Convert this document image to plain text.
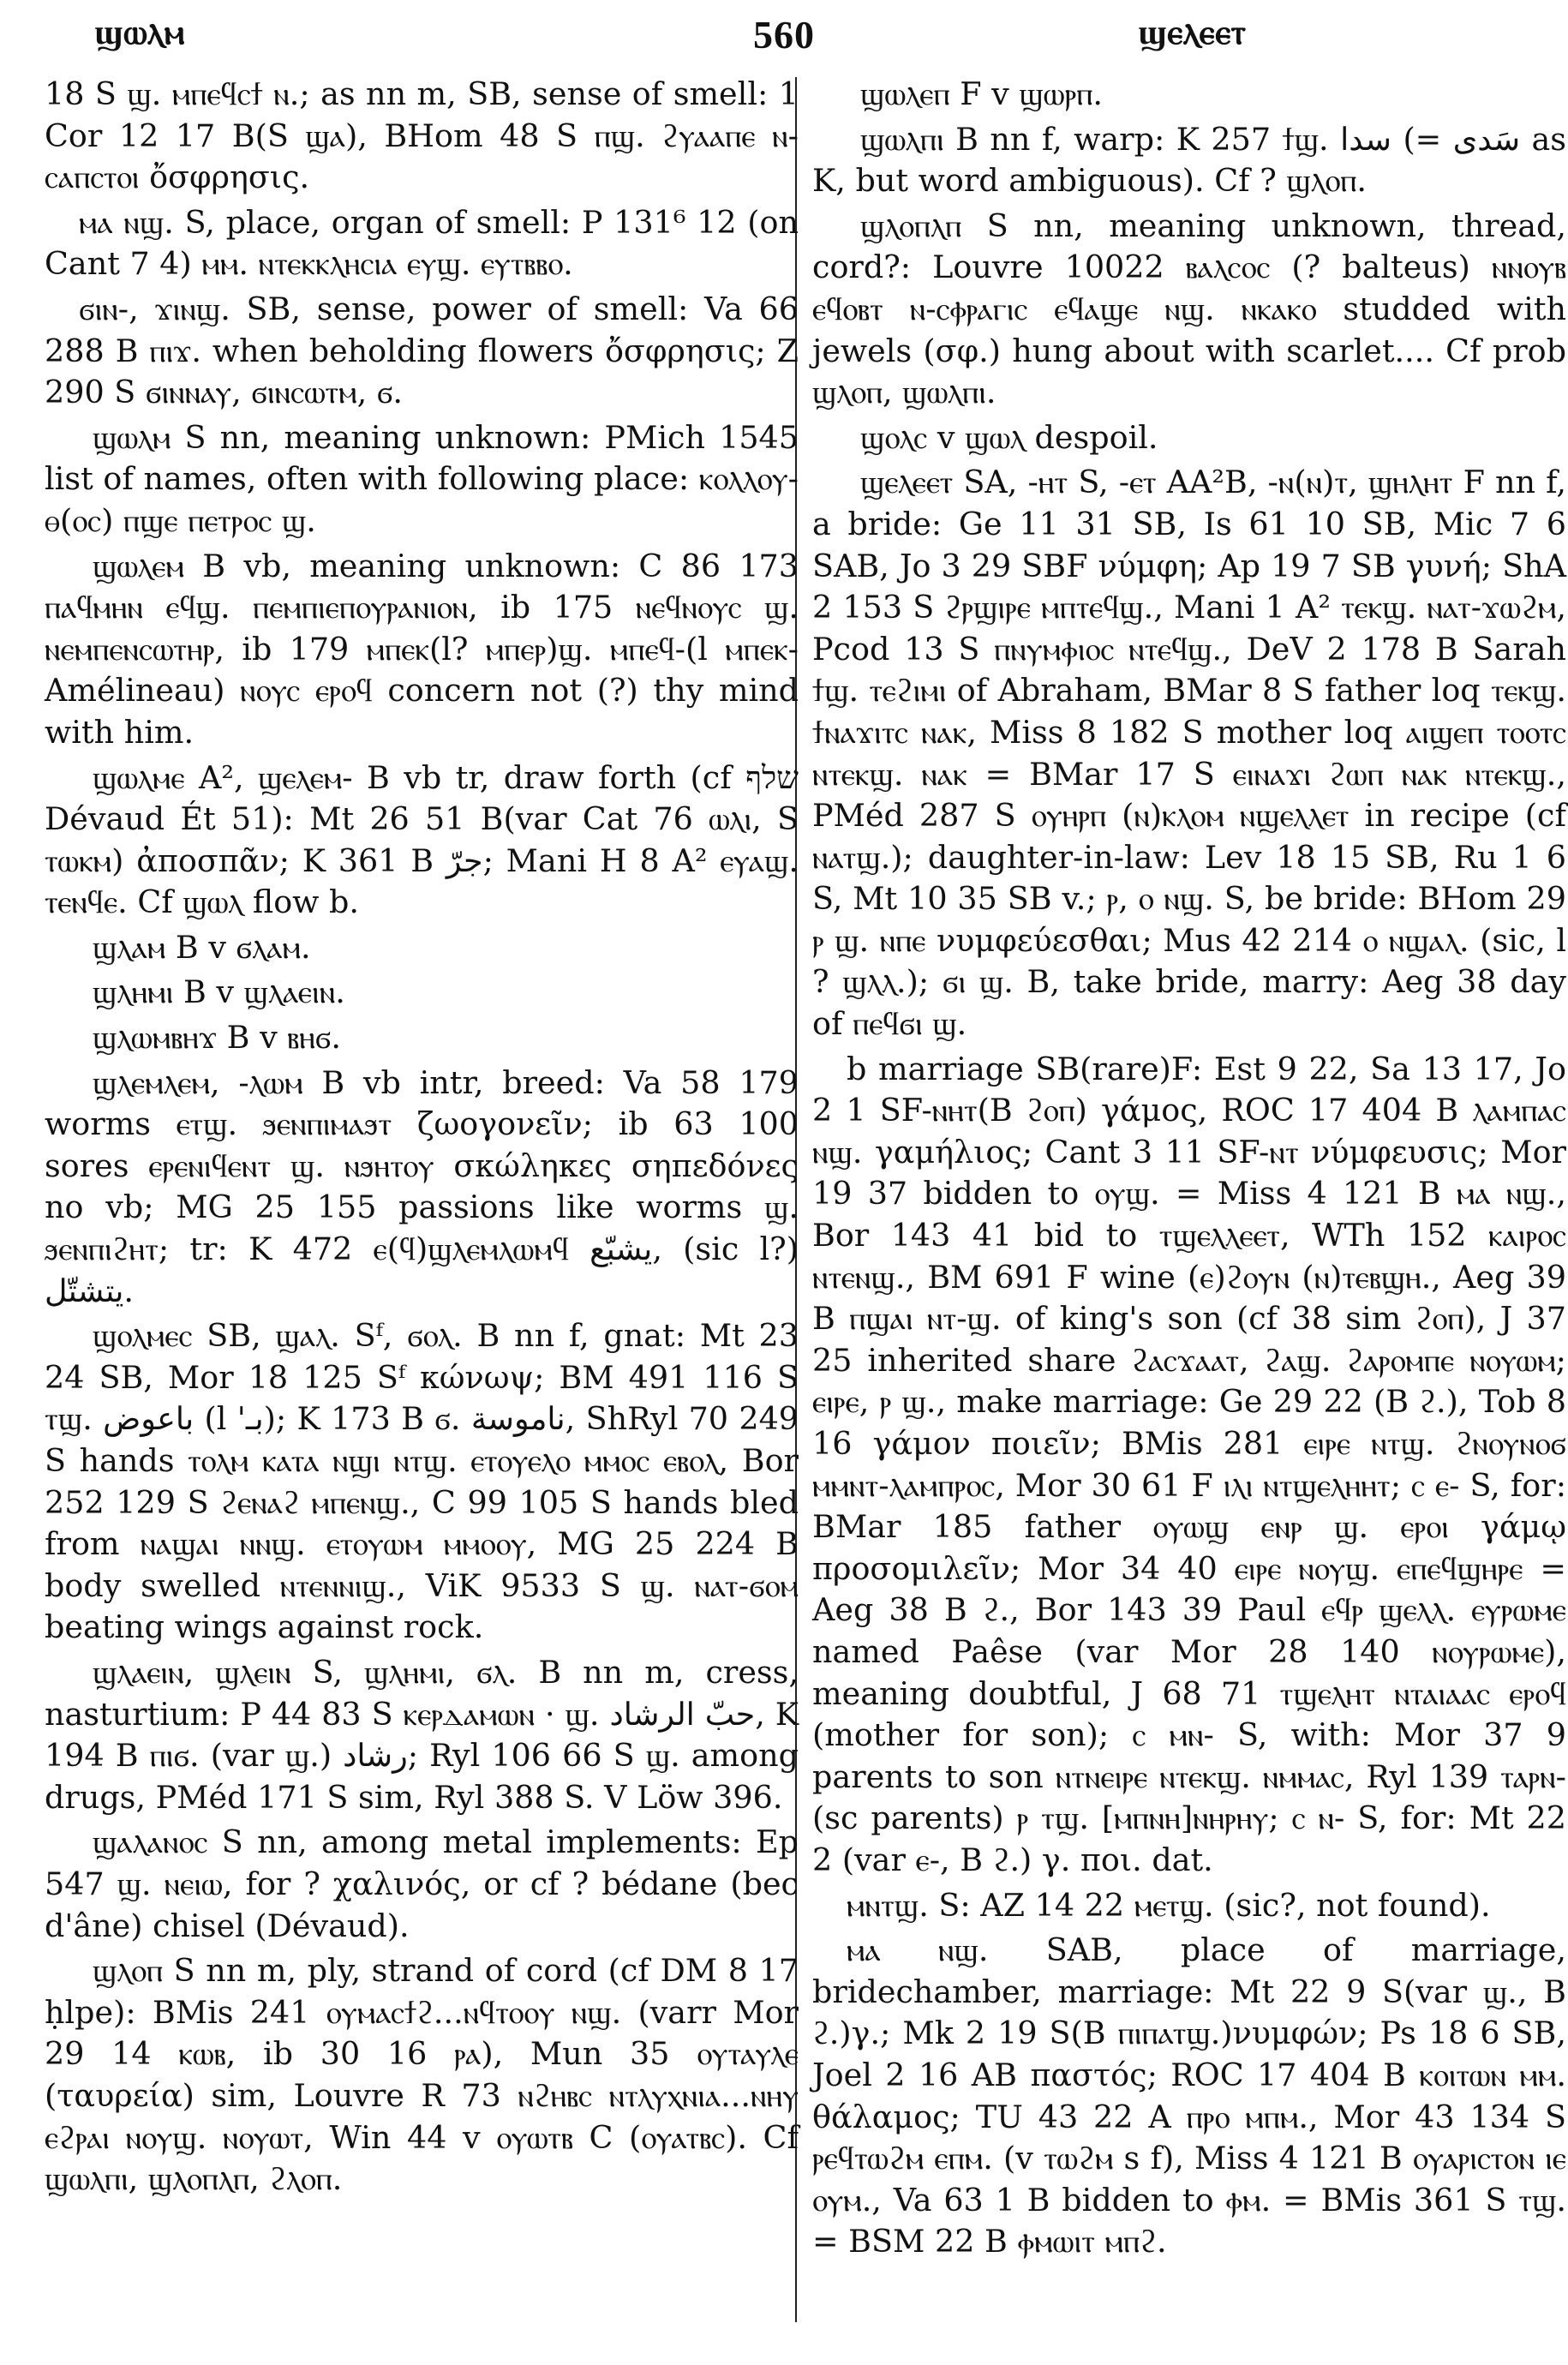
ϣⲱⲗⲙ	560	ϣⲉⲗⲉⲉⲧ

18 S ϣ. ⲙⲡⲉϥⲥϯ ⲛ.; as nn m, SB, sense of smell: 1 Cor 12 17 B(S ϣⲁ), BHom 48 S ⲡϣ. ϩⲩⲁⲁⲡⲉ ⲛ-ⲥⲁⲡⲥⲧⲟⲓ ὄσφρησις.

ⲙⲁ ⲛϣ. S, place, organ of smell: P 131⁶ 12 (on Cant 7 4) ⲙⲙ. ⲛⲧⲉⲕⲕⲗⲏⲥⲓⲁ ⲉⲩϣ. ⲉⲩⲧⲃⲃⲟ.

ϭⲓⲛ-, ϫⲓⲛϣ. SB, sense, power of smell: Va 66 288 B ⲡⲓϫ. when beholding flowers ὄσφρησις; Z 290 S ϭⲓⲛⲛⲁⲩ, ϭⲓⲛⲥⲱⲧⲙ, ϭ.

ϣⲱⲗⲙ S nn, meaning unknown: PMich 1545 list of names, often with following place: ⲕⲟⲗⲗⲟⲩ-ⲑ(ⲟⲥ) ⲡϣⲉ ⲡⲉⲧⲣⲟⲥ ϣ.

ϣⲱⲗⲉⲙ B vb, meaning unknown: C 86 173 ⲡⲁϥⲙⲏⲛ ⲉϥϣ. ⲡⲉⲙⲡⲓⲉⲡⲟⲩⲣⲁⲛⲓⲟⲛ, ib 175 ⲛⲉϥⲛⲟⲩⲥ ϣ. ⲛⲉⲙⲡⲉⲛⲥⲱⲧⲏⲣ, ib 179 ⲙⲡⲉⲕ(l? ⲙⲡⲉⲣ)ϣ. ⲙⲡⲉϥ-(l ⲙⲡⲉⲕ- Amélineau) ⲛⲟⲩⲥ ⲉⲣⲟϥ concern not (?) thy mind with him.

ϣⲱⲗⲙⲉ A², ϣⲉⲗⲉⲙ- B vb tr, draw forth (cf שלף Dévaud Ét 51): Mt 26 51 B(var Cat 76 ⲱⲗⲓ, S ⲧⲱⲕⲙ) ἀποσπᾶν; K 361 B جرّ; Mani H 8 A² ⲉⲩⲁϣ. ⲧⲉⲛϥⲉ. Cf ϣⲱⲗ flow b.

ϣⲗⲁⲙ B v ϭⲗⲁⲙ.

ϣⲗⲏⲙⲓ B v ϣⲗⲁⲉⲓⲛ.

ϣⲗⲱⲙⲃⲏϫ B v ⲃⲏϭ.

ϣⲗⲉⲙⲗⲉⲙ, -ⲗⲱⲙ B vb intr, breed: Va 58 179 worms ⲉⲧϣ. ϧⲉⲛⲡⲓⲙⲁϧⲧ ζωογονεῖν; ib 63 100 sores ⲉⲣⲉⲛⲓϥⲉⲛⲧ ϣ. ⲛϧⲏⲧⲟⲩ σκώληκες σηπεδόνες no vb; MG 25 155 passions like worms ϣ. ϧⲉⲛⲡⲓϩⲏⲧ; tr: K 472 ⲉ(ϥ)ϣⲗⲉⲙⲗⲱⲙϥ يشبّع, (sic l?) يتشتّل.

ϣⲟⲗⲙⲉⲥ SB, ϣⲁⲗ. Sᶠ, ϭⲟⲗ. B nn f, gnat: Mt 23 24 SB, Mor 18 125 Sᶠ κώνωψ; BM 491 116 S ⲧϣ. باعوض (l 'بـ); K 173 B ϭ. ناموسة, ShRyl 70 249 S hands ⲧⲟⲗⲙ ⲕⲁⲧⲁ ⲛϣⲓ ⲛⲧϣ. ⲉⲧⲟⲩⲉⲗⲟ ⲙⲙⲟⲥ ⲉⲃⲟⲗ, Bor 252 129 S ϩⲉⲛⲁϩ ⲙⲡⲉⲛϣ., C 99 105 S hands bled from ⲛⲁϣⲁⲓ ⲛⲛϣ. ⲉⲧⲟⲩⲱⲙ ⲙⲙⲟⲟⲩ, MG 25 224 B body swelled ⲛⲧⲉⲛⲛⲓϣ., ViK 9533 S ϣ. ⲛⲁⲧ-ϭⲟⲙ beating wings against rock.

ϣⲗⲁⲉⲓⲛ, ϣⲗⲉⲓⲛ S, ϣⲗⲏⲙⲓ, ϭⲗ. B nn m, cress, nasturtium: P 44 83 S ⲕⲉⲣⲇⲁⲙⲱⲛ · ϣ. حبّ الرشاد, K 194 B ⲡⲓϭ. (var ϣ.) رشاد; Ryl 106 66 S ϣ. among drugs, PMéd 171 S sim, Ryl 388 S. V Löw 396.

ϣⲁⲗⲁⲛⲟⲥ S nn, among metal implements: Ep 547 ϣ. ⲛⲉⲓⲱ, for ? χαλινός, or cf ? bédane (bec d'âne) chisel (Dévaud).

ϣⲗⲟⲡ S nn m, ply, strand of cord (cf DM 8 17 ḥlpe): BMis 241 ⲟⲩⲙⲁⲥϯϩ...ⲛϥⲧⲟⲟⲩ ⲛϣ. (varr Mor 29 14 ⲕⲱⲃ, ib 30 16 ⲣⲁ), Mun 35 ⲟⲩⲧⲁⲩⲗⲉ (ταυρεία) sim, Louvre R 73 ⲛϩⲏⲃⲥ ⲛⲧⲗⲩⲭⲛⲓⲁ...ⲛⲏⲩ ⲉϩⲣⲁⲓ ⲛⲟⲩϣ. ⲛⲟⲩⲱⲧ, Win 44 v ⲟⲩⲱⲧⲃ C (ⲟⲩⲁⲧⲃⲥ). Cf ϣⲱⲗⲡⲓ, ϣⲗⲟⲡⲗⲡ, ϩⲗⲟⲡ.

ϣⲱⲗⲉⲡ F v ϣⲱⲣⲡ.

ϣⲱⲗⲡⲓ B nn f, warp: K 257 ϯϣ. سدا (= سَدى as K, but word ambiguous). Cf ? ϣⲗⲟⲡ.

ϣⲗⲟⲡⲗⲡ S nn, meaning unknown, thread, cord?: Louvre 10022 ⲃⲁⲗⲥⲟⲥ (? balteus) ⲛⲛⲟⲩⲃ ⲉϥⲟⲃⲧ ⲛ-ⲥⲫⲣⲁⲅⲓⲥ ⲉϥⲁϣⲉ ⲛϣ. ⲛⲕⲁⲕⲟ studded with jewels (σφ.) hung about with scarlet.... Cf prob ϣⲗⲟⲡ, ϣⲱⲗⲡⲓ.

ϣⲟⲗⲥ v ϣⲱⲗ despoil.

ϣⲉⲗⲉⲉⲧ SA, -ⲏⲧ S, -ⲉⲧ AA²B, -ⲛ(ⲛ)ⲧ, ϣⲏⲗⲏⲧ F nn f, a bride: Ge 11 31 SB, Is 61 10 SB, Mic 7 6 SAB, Jo 3 29 SBF νύμφη; Ap 19 7 SB γυνή; ShA 2 153 S ϩⲣϣⲓⲣⲉ ⲙⲡⲧⲉϥϣ., Mani 1 A² ⲧⲉⲕϣ. ⲛⲁⲧ-ϫⲱϩⲙ, Pcod 13 S ⲡⲛⲩⲙⲫⲓⲟⲥ ⲛⲧⲉϥϣ., DeV 2 178 B Sarah ϯϣ. ⲧⲉϩⲓⲙⲓ of Abraham, BMar 8 S father loq ⲧⲉⲕϣ. ϯⲛⲁϫⲓⲧⲥ ⲛⲁⲕ, Miss 8 182 S mother loq ⲁⲓϣⲉⲡ ⲧⲟⲟⲧⲥ ⲛⲧⲉⲕϣ. ⲛⲁⲕ = BMar 17 S ⲉⲓⲛⲁϫⲓ ϩⲱⲡ ⲛⲁⲕ ⲛⲧⲉⲕϣ., PMéd 287 S ⲟⲩⲏⲣⲡ (ⲛ)ⲕⲗⲟⲙ ⲛϣⲉⲗⲗⲉⲧ in recipe (cf ⲛⲁⲧϣ.); daughter-in-law: Lev 18 15 SB, Ru 1 6 S, Mt 10 35 SB v.; ⲣ, ⲟ ⲛϣ. S, be bride: BHom 29 ⲣ ϣ. ⲛⲡⲉ νυμφεύεσθαι; Mus 42 214 ⲟ ⲛϣⲁⲗ. (sic, l ? ϣⲗⲗ.); ϭⲓ ϣ. B, take bride, marry: Aeg 38 day of ⲡⲉϥϭⲓ ϣ.

b marriage SB(rare)F: Est 9 22, Sa 13 17, Jo 2 1 SF-ⲛⲏⲧ(B ϩⲟⲡ) γάμος, ROC 17 404 B ⲗⲁⲙⲡⲁⲥ ⲛϣ. γαμήλιος; Cant 3 11 SF-ⲛⲧ νύμφευσις; Mor 19 37 bidden to ⲟⲩϣ. = Miss 4 121 B ⲙⲁ ⲛϣ., Bor 143 41 bid to ⲧϣⲉⲗⲗⲉⲉⲧ, WTh 152 ⲕⲁⲓⲣⲟⲥ ⲛⲧⲉⲛϣ., BM 691 F wine (ⲉ)ϩⲟⲩⲛ (ⲛ)ⲧⲉⲃϣⲏ., Aeg 39 B ⲡϣⲁⲓ ⲛⲧ-ϣ. of king's son (cf 38 sim ϩⲟⲡ), J 37 25 inherited share ϩⲁⲥϫⲁⲁⲧ, ϩⲁϣ. ϩⲁⲣⲟⲙⲡⲉ ⲛⲟⲩⲱⲙ; ⲉⲓⲣⲉ, ⲣ ϣ., make marriage: Ge 29 22 (B ϩ.), Tob 8 16 γάμον ποιεῖν; BMis 281 ⲉⲓⲣⲉ ⲛⲧϣ. ϩⲛⲟⲩⲛⲟϭ ⲙⲙⲛⲧ-ⲗⲁⲙⲡⲣⲟⲥ, Mor 30 61 F ⲓⲗⲓ ⲛⲧϣⲉⲗⲏⲏⲧ; ⲥ ⲉ- S, for: BMar 185 father ⲟⲩⲱϣ ⲉⲛⲣ ϣ. ⲉⲣⲟⲓ γάμῳ προσομιλεῖν; Mor 34 40 ⲉⲓⲣⲉ ⲛⲟⲩϣ. ⲉⲡⲉϥϣⲏⲣⲉ = Aeg 38 B ϩ., Bor 143 39 Paul ⲉϥⲣ ϣⲉⲗⲗ. ⲉⲩⲣⲱⲙⲉ named Paêse (var Mor 28 140 ⲛⲟⲩⲣⲱⲙⲉ), meaning doubtful, J 68 71 ⲧϣⲉⲗⲏⲧ ⲛⲧⲁⲓⲁⲁⲥ ⲉⲣⲟϥ (mother for son); ⲥ ⲙⲛ- S, with: Mor 37 9 parents to son ⲛⲧⲛⲉⲓⲣⲉ ⲛⲧⲉⲕϣ. ⲛⲙⲙⲁⲥ, Ryl 139 ⲧⲁⲣⲛ-(sc parents) ⲣ ⲧϣ. [ⲙⲡⲛⲏ]ⲛⲏⲣⲏⲩ; ⲥ ⲛ- S, for: Mt 22 2 (var ⲉ-, B ϩ.) γ. ποι. dat.

ⲙⲛⲧϣ. S: AZ 14 22 ⲙⲉⲧϣ. (sic?, not found).

ⲙⲁ ⲛϣ. SAB, place of marriage, bridechamber, marriage: Mt 22 9 S(var ϣ., B ϩ.)γ.; Mk 2 19 S(B ⲡⲓⲡⲁⲧϣ.)νυμφών; Ps 18 6 SB, Joel 2 16 AB παστός; ROC 17 404 B ⲕⲟⲓⲧⲱⲛ ⲙⲙ. θάλαμος; TU 43 22 A ⲡⲣⲟ ⲙⲡⲙ., Mor 43 134 S ⲣⲉϥⲧⲱϩⲙ ⲉⲡⲙ. (v ⲧⲱϩⲙ s f), Miss 4 121 B ⲟⲩⲁⲣⲓⲥⲧⲟⲛ ⲓⲉ ⲟⲩⲙ., Va 63 1 B bidden to ⲫⲙ. = BMis 361 S ⲧϣ. = BSM 22 B ⲫⲙⲱⲓⲧ ⲙⲡϩ.
